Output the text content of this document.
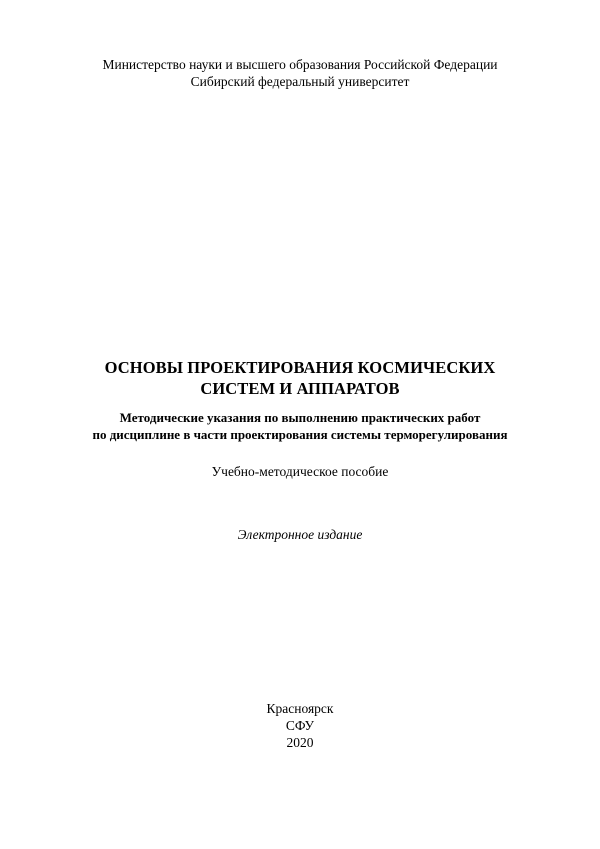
Министерство науки и высшего образования Российской Федерации
Сибирский федеральный университет
ОСНОВЫ ПРОЕКТИРОВАНИЯ КОСМИЧЕСКИХ
СИСТЕМ И АППАРАТОВ
Методические указания по выполнению практических работ
по дисциплине в части проектирования системы терморегулирования
Учебно-методическое пособие
Электронное издание
Красноярск
СФУ
2020
